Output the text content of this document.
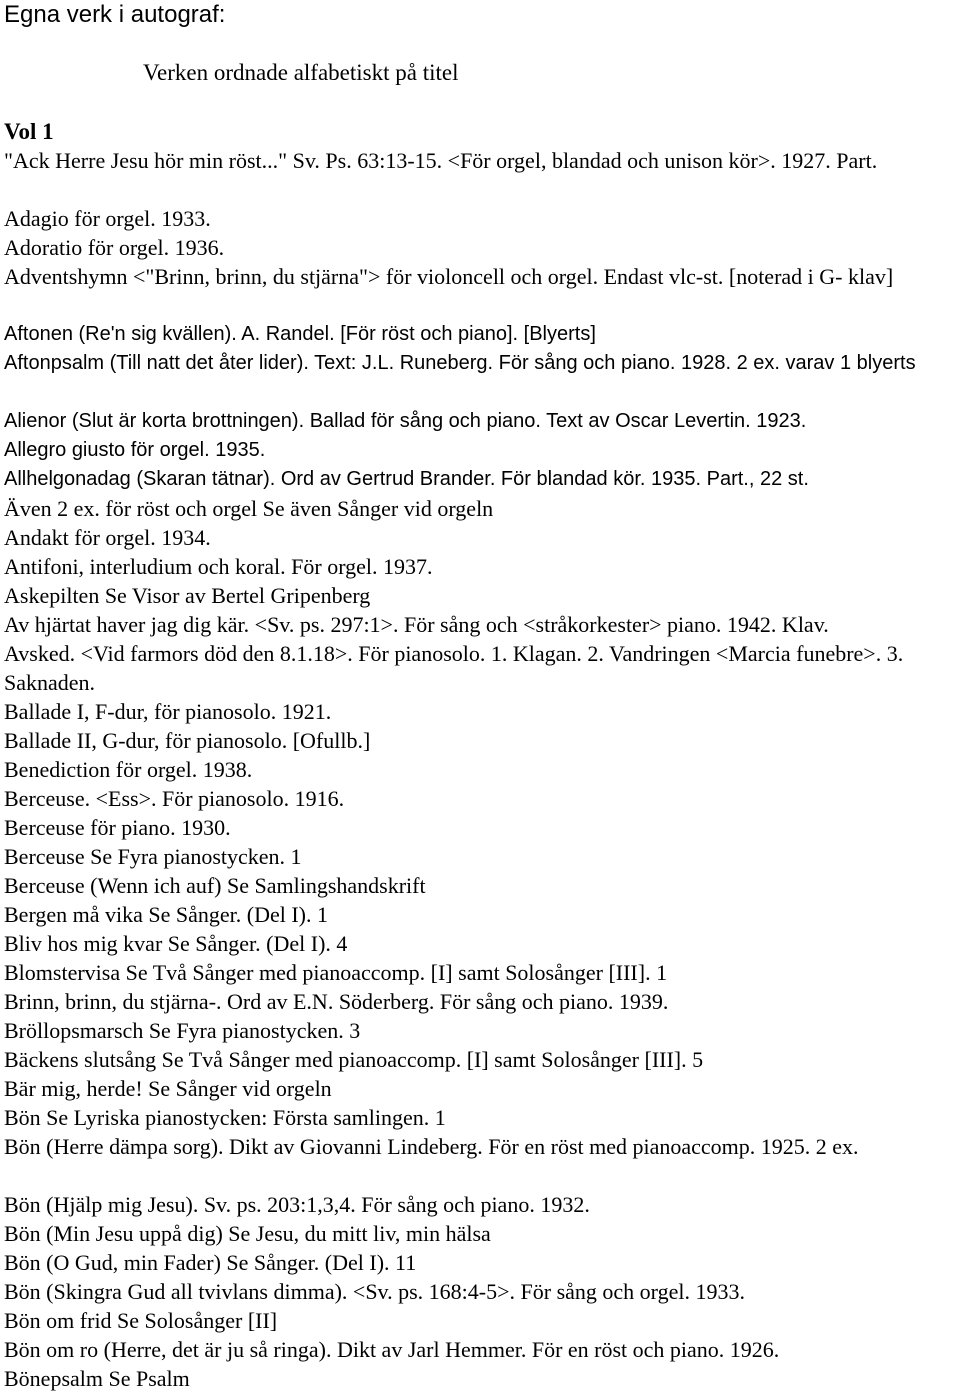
Egna verk i autograf:
Verken ordnade alfabetiskt på titel
Vol 1
"Ack Herre Jesu hör min röst..." Sv. Ps. 63:13-15. <För orgel, blandad och unison kör>. 1927. Part.
Adagio för orgel. 1933.
Adoratio för orgel. 1936.
Adventshymn <"Brinn, brinn, du stjärna"> för violoncell och orgel. Endast vlc-st. [noterad i G- klav]
Aftonen (Re'n sig kvällen). A. Randel. [För röst och piano]. [Blyerts]
Aftonpsalm (Till natt det åter lider). Text: J.L. Runeberg. För sång och piano. 1928. 2 ex. varav 1 blyerts
Alienor (Slut är korta brottningen). Ballad för sång och piano. Text av Oscar Levertin. 1923.
Allegro giusto för orgel. 1935.
Allhelgonadag (Skaran tätnar). Ord av Gertrud Brander. För blandad kör. 1935. Part., 22 st.
Även 2 ex. för röst och orgel Se även Sånger vid orgeln
Andakt för orgel. 1934.
Antifoni, interludium och koral. För orgel. 1937.
Askepilten Se Visor av Bertel Gripenberg
Av hjärtat haver jag dig kär. <Sv. ps. 297:1>. För sång och <stråkorkester> piano. 1942. Klav.
Avsked. <Vid farmors död den 8.1.18>. För pianosolo. 1. Klagan. 2. Vandringen <Marcia funebre>. 3. Saknaden.
Ballade I, F-dur, för pianosolo. 1921.
Ballade II, G-dur, för pianosolo. [Ofullb.]
Benediction för orgel. 1938.
Berceuse. <Ess>. För pianosolo. 1916.
Berceuse för piano. 1930.
Berceuse Se Fyra pianostycken. 1
Berceuse (Wenn ich auf) Se Samlingshandskrift
Bergen må vika Se Sånger. (Del I). 1
Bliv hos mig kvar Se Sånger. (Del I). 4
Blomstervisa Se Två Sånger med pianoaccomp. [I] samt Solosånger [III]. 1
Brinn, brinn, du stjärna-. Ord av E.N. Söderberg. För sång och piano. 1939.
Bröllopsmarsch Se Fyra pianostycken. 3
Bäckens slutsång Se Två Sånger med pianoaccomp. [I] samt Solosånger [III]. 5
Bär mig, herde! Se Sånger vid orgeln
Bön Se Lyriska pianostycken: Första samlingen. 1
Bön (Herre dämpa sorg). Dikt av Giovanni Lindeberg. För en röst med pianoaccomp. 1925. 2 ex.
Bön (Hjälp mig Jesu). Sv. ps. 203:1,3,4. För sång och piano. 1932.
Bön (Min Jesu uppå dig) Se Jesu, du mitt liv, min hälsa
Bön (O Gud, min Fader) Se Sånger. (Del I). 11
Bön (Skingra Gud all tvivlans dimma). <Sv. ps. 168:4-5>. För sång och orgel. 1933.
Bön om frid Se Solosånger [II]
Bön om ro (Herre, det är ju så ringa). Dikt av Jarl Hemmer. För en röst och piano. 1926.
Bönepsalm Se Psalm
